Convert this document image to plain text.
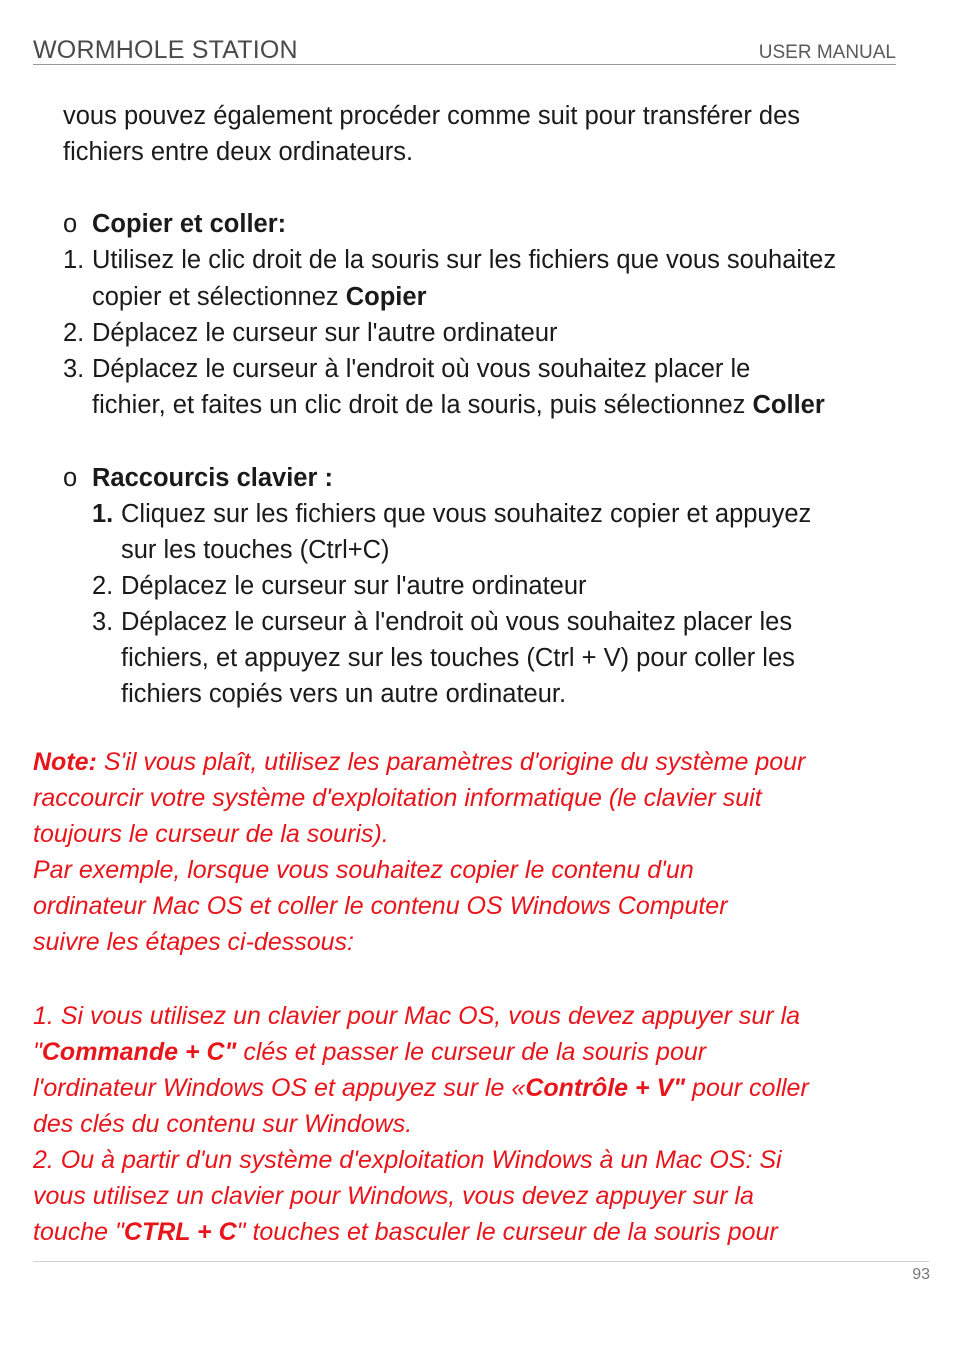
WORMHOLE STATION	USER MANUAL
vous pouvez également procéder comme suit pour transférer des
fichiers entre deux ordinateurs.
o Copier et coller:
1. Utilisez le clic droit de la souris sur les fichiers que vous souhaitez
copier et sélectionnez Copier
2. Déplacez le curseur sur l'autre ordinateur
3. Déplacez le curseur à l'endroit où vous souhaitez placer le
fichier, et faites un clic droit de la souris, puis sélectionnez Coller
o Raccourcis clavier :
1. Cliquez sur les fichiers que vous souhaitez copier et appuyez
sur les touches (Ctrl+C)
2. Déplacez le curseur sur l'autre ordinateur
3. Déplacez le curseur à l'endroit où vous souhaitez placer les
fichiers, et appuyez sur les touches (Ctrl + V) pour coller les
fichiers copiés vers un autre ordinateur.
Note: S'il vous plaît, utilisez les paramètres d'origine du système pour
raccourcir votre système d'exploitation informatique (le clavier suit
toujours le curseur de la souris).
Par exemple, lorsque vous souhaitez copier le contenu d'un
ordinateur Mac OS et coller le contenu OS Windows Computer
suivre les étapes ci-dessous:
1. Si vous utilisez un clavier pour Mac OS, vous devez appuyer sur la
"Commande + C" clés et passer le curseur de la souris pour
l'ordinateur Windows OS et appuyez sur le «Contrôle + V" pour coller
des clés du contenu sur Windows.
2. Ou à partir d'un système d'exploitation Windows à un Mac OS: Si
vous utilisez un clavier pour Windows, vous devez appuyer sur la
touche "CTRL + C" touches et basculer le curseur de la souris pour
93
